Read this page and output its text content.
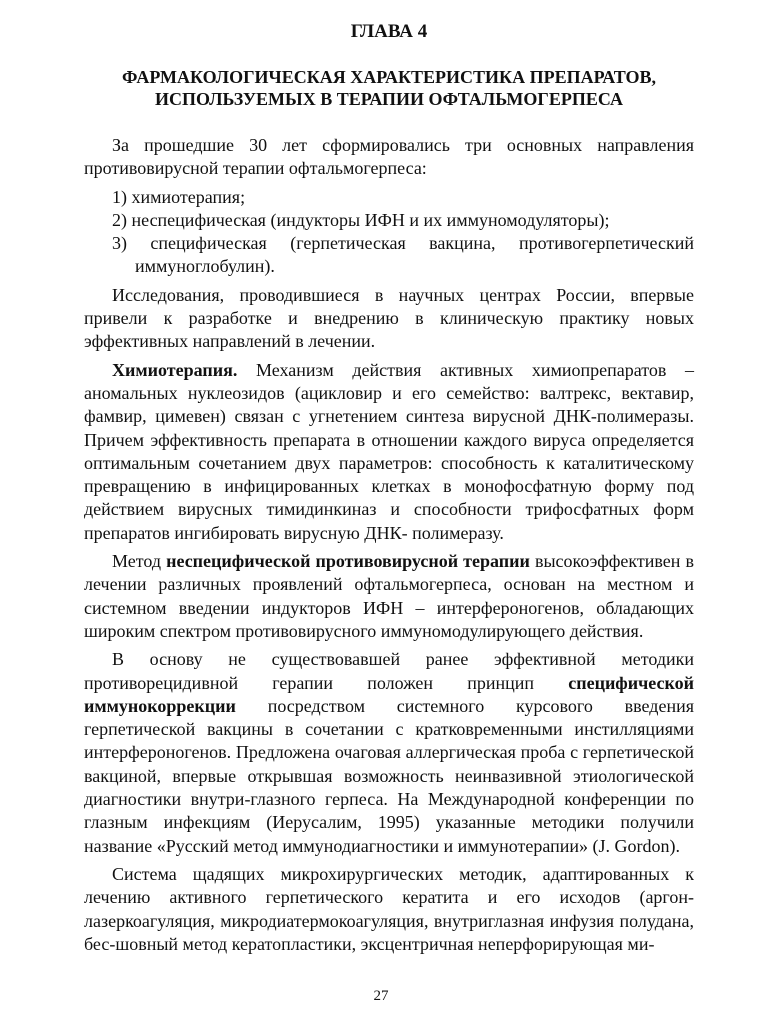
ГЛАВА 4
ФАРМАКОЛОГИЧЕСКАЯ ХАРАКТЕРИСТИКА ПРЕПАРАТОВ,
ИСПОЛЬЗУЕМЫХ В ТЕРАПИИ ОФТАЛЬМОГЕРПЕСА

За прошедшие 30 лет сформировались три основных направления противовирусной терапии офтальмогерпеса:

1) химиотерапия;
2) неспецифическая (индукторы ИФН и их иммуномодуляторы);
3) специфическая (герпетическая вакцина, противогерпетический иммуноглобулин).

Исследования, проводившиеся в научных центрах России, впервые привели к разработке и внедрению в клиническую практику новых эффективных направлений в лечении.

Химиотерапия. Механизм действия активных химиопрепаратов – аномальных нуклеозидов (ацикловир и его семейство: валтрекс, вектавир, фамвир, цимевен) связан с угнетением синтеза вирусной ДНК-полимеразы. Причем эффективность препарата в отношении каждого вируса определяется оптимальным сочетанием двух параметров: способность к каталитическому превращению в инфицированных клетках в монофосфатную форму под действием вирусных тимидинкиназ и способности трифосфатных форм препаратов ингибировать вирусную ДНК- полимеразу.

Метод неспецифической противовирусной терапии высокоэффективен в лечении различных проявлений офтальмогерпеса, основан на местном и системном введении индукторов ИФН – интерфероногенов, обладающих широким спектром противовирусного иммуномодулирующего действия.

В основу не существовавшей ранее эффективной методики противорецидивной герапии положен принцип специфической иммунокоррекции посредством системного курсового введения герпетической вакцины в сочетании с кратковременными инстилляциями интерфероногенов. Предложена очаговая аллергическая проба с герпетической вакциной, впервые открывшая возможность неинвазивной этиологической диагностики внутри-глазного герпеса. На Международной конференции по глазным инфекциям (Иерусалим, 1995) указанные методики получили название «Русский метод иммунодиагностики и иммунотерапии» (J. Gordon).

Система щадящих микрохирургических методик, адаптированных к лечению активного герпетического кератита и его исходов (аргон-лазеркоагуляция, микродиатермокоагуляция, внутриглазная инфузия полудана, бес-шовный метод кератопластики, эксцентричная неперфорирующая ми-

27
